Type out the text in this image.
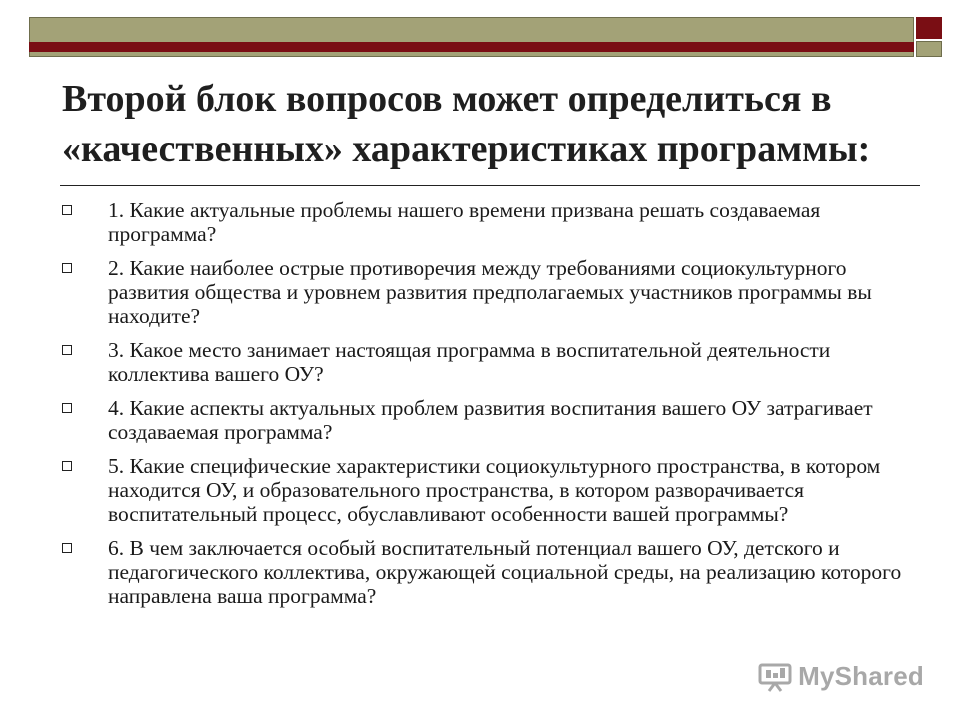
Второй блок вопросов может определиться в «качественных» характеристиках программы:
1. Какие актуальные проблемы нашего времени призвана решать создаваемая программа?
2. Какие наиболее острые противоречия между требованиями социокультурного развития общества и уровнем развития предполагаемых участников программы вы находите?
3. Какое место занимает настоящая программа в воспитательной деятельности коллектива вашего ОУ?
4. Какие аспекты актуальных проблем развития воспитания вашего ОУ затрагивает создаваемая программа?
5. Какие специфические характеристики социокультурного пространства, в котором находится ОУ, и образовательного пространства, в котором разворачивается воспитательный процесс, обуславливают особенности вашей программы?
6. В чем заключается особый воспитательный потенциал вашего ОУ, детского и педагогического коллектива, окружающей социальной среды, на реализацию которого направлена ваша программа?
MyShared
